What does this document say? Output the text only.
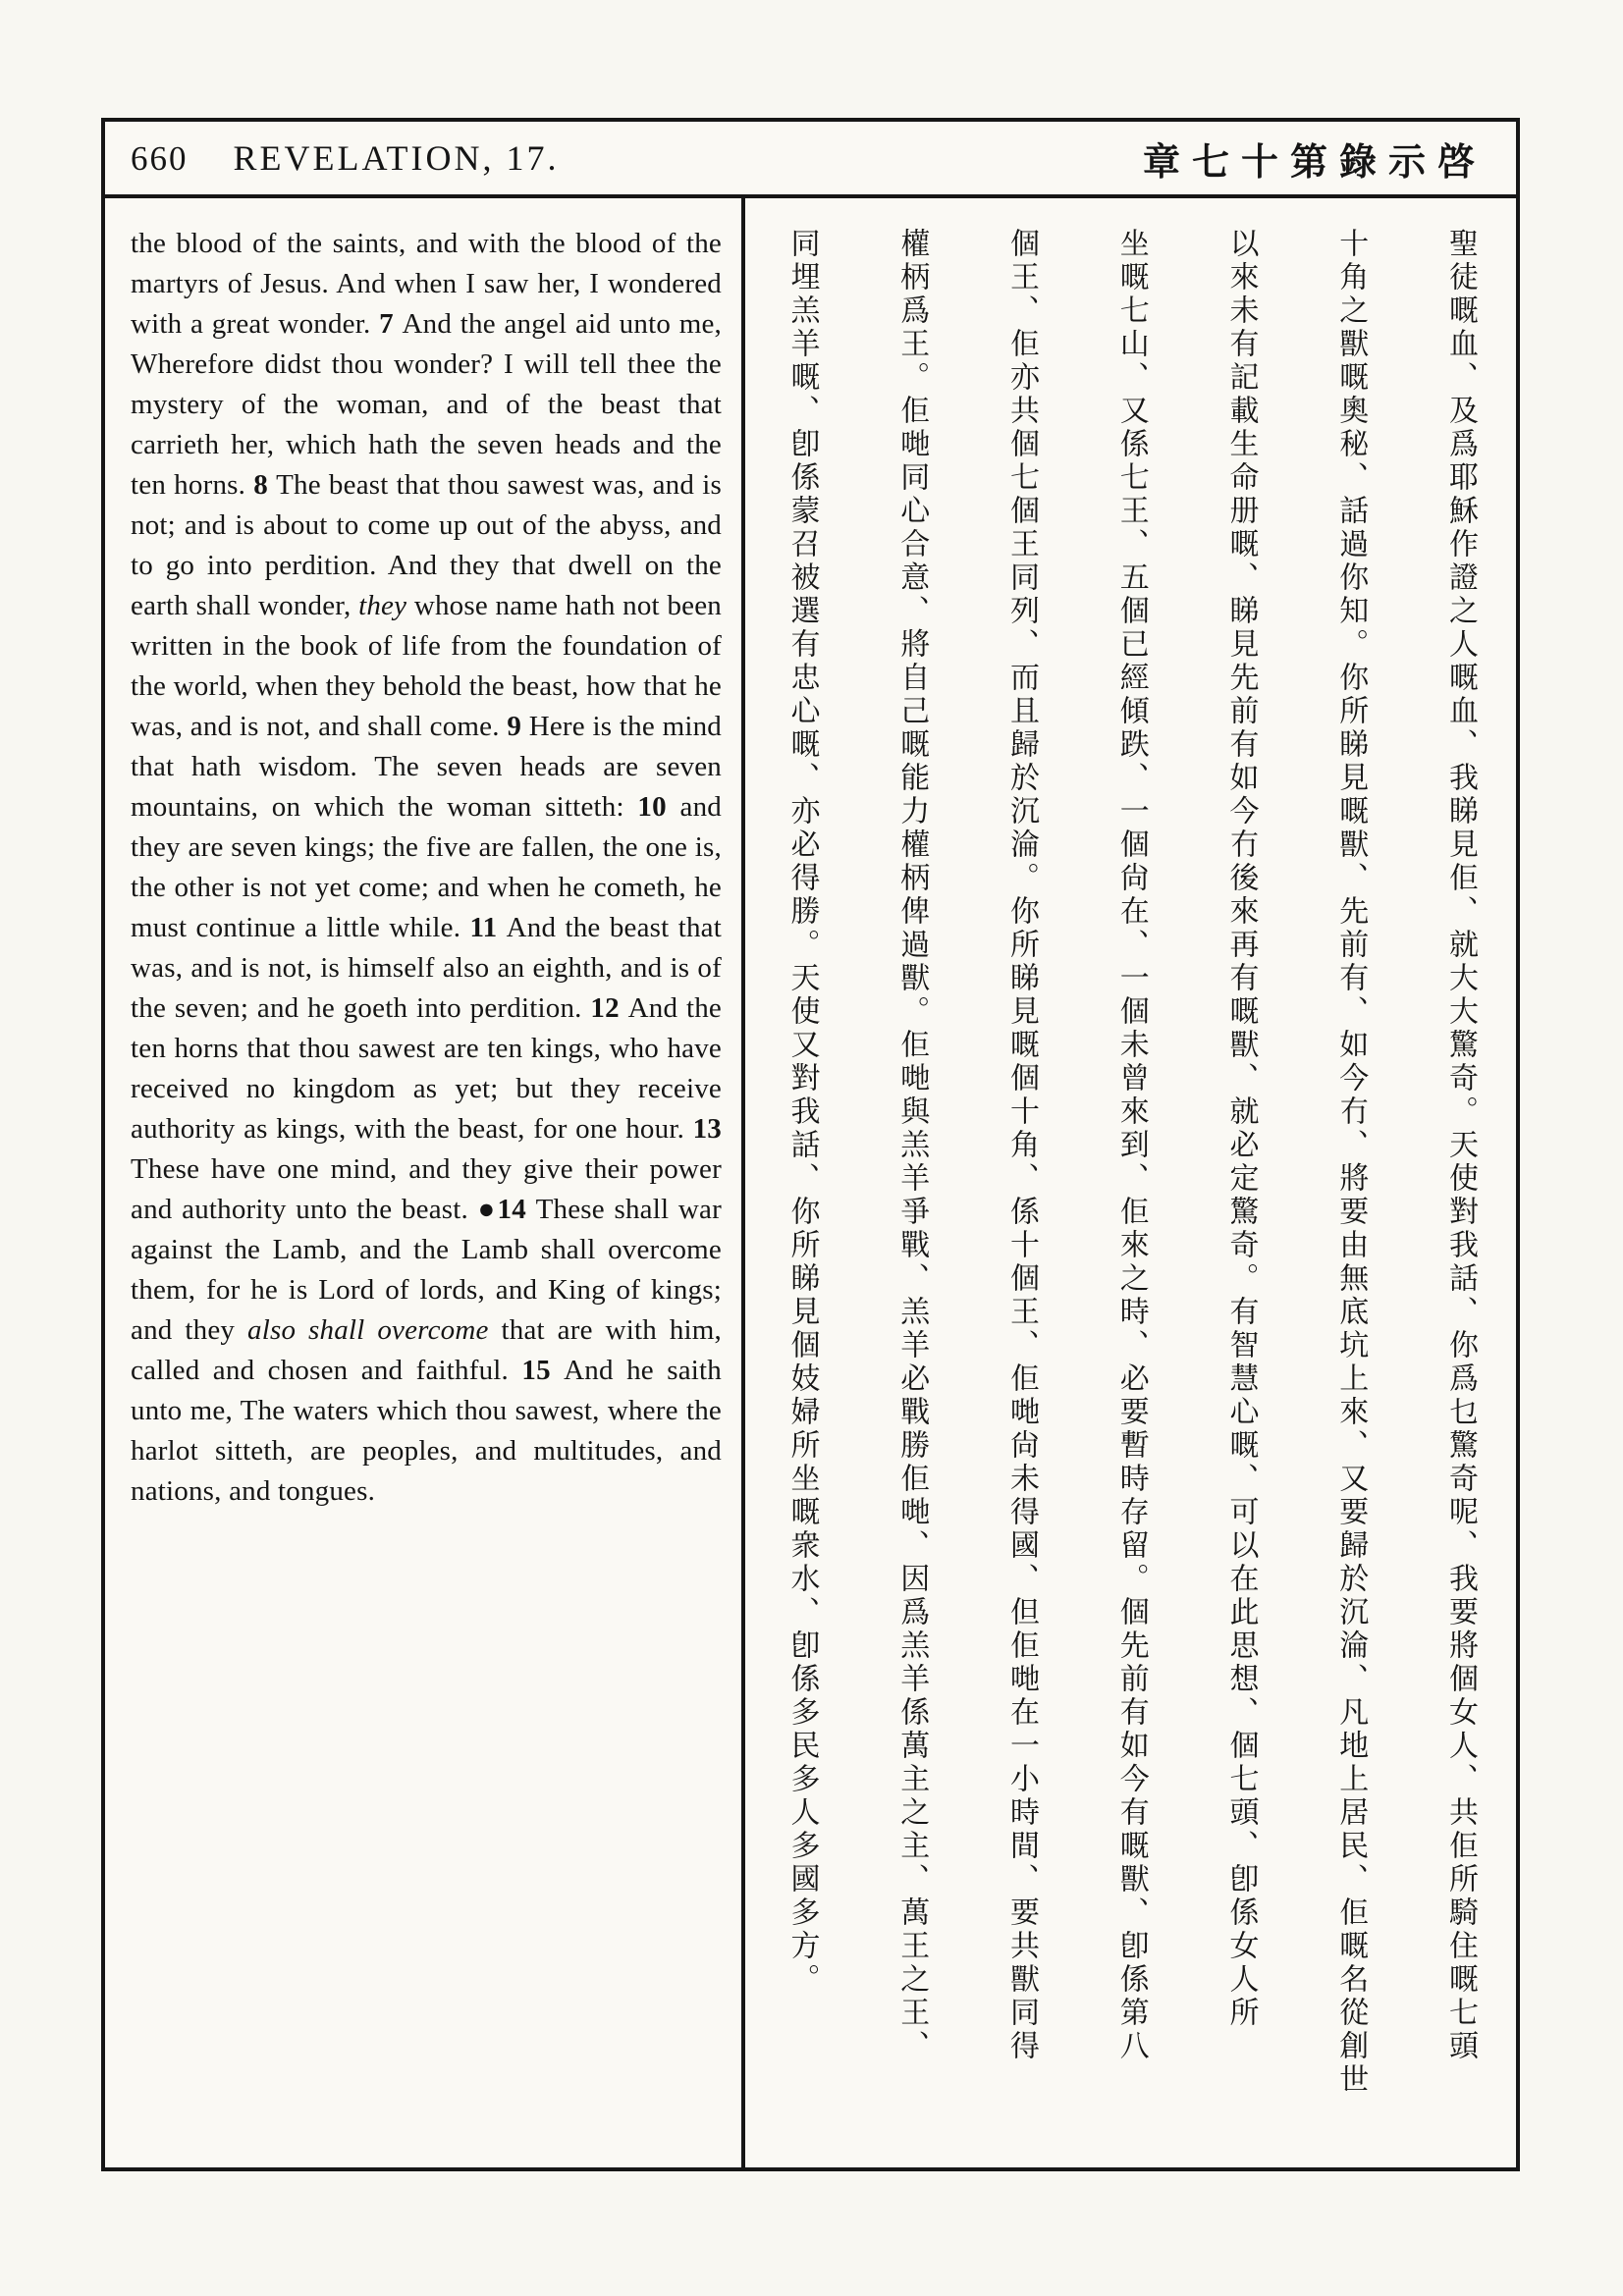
660 REVELATION, 17.	章七十第錄示啓
the blood of the saints, and with the blood of the martyrs of Jesus. And when I saw her, I wondered with a great wonder. 7 And the angel aid unto me, Wherefore didst thou wonder? I will tell thee the mystery of the woman, and of the beast that carrieth her, which hath the seven heads and the ten horns. 8 The beast that thou sawest was, and is not; and is about to come up out of the abyss, and to go into perdition. And they that dwell on the earth shall wonder, they whose name hath not been written in the book of life from the foundation of the world, when they behold the beast, how that he was, and is not, and shall come. 9 Here is the mind that hath wisdom. The seven heads are seven mountains, on which the woman sitteth: 10 and they are seven kings; the five are fallen, the one is, the other is not yet come; and when he cometh, he must continue a little while. 11 And the beast that was, and is not, is himself also an eighth, and is of the seven; and he goeth into perdition. 12 And the ten horns that thou sawest are ten kings, who have received no kingdom as yet; but they receive authority as kings, with the beast, for one hour. 13 These have one mind, and they give their power and authority unto the beast. ●14 These shall war against the Lamb, and the Lamb shall overcome them, for he is Lord of lords, and King of kings; and they also shall overcome that are with him, called and chosen and faithful. 15 And he saith unto me, The waters which thou sawest, where the harlot sitteth, are peoples, and multitudes, and nations, and tongues.	聖徒嘅血、及爲耶穌作證之人嘅血、我睇見佢、就大大驚奇。天使對我話、你爲乜驚奇呢、我要將個女人、共佢所騎住嘅七頭
十角之獸嘅奧秘、話過你知。你所睇見嘅獸、先前有、如今冇、將要由無底坑上來、又要歸於沉淪、凡地上居民、佢嘅名從創世
以來未有記載生命册嘅、睇見先前有如今冇後來再有嘅獸、就必定驚奇。有智慧心嘅、可以在此思想、個七頭、卽係女人所
坐嘅七山、又係七王、五個已經傾跌、一個尙在、一個未曾來到、佢來之時、必要暫時存留。個先前有如今有嘅獸、卽係第八
個王、佢亦共個七個王同列、而且歸於沉淪。你所睇見嘅個十角、係十個王、佢哋尙未得國、但佢哋在一小時間、要共獸同得
權柄爲王。佢哋同心合意、將自己嘅能力權柄俾過獸。佢哋與羔羊爭戰、羔羊必戰勝佢哋、因爲羔羊係萬主之主、萬王之王、
同埋羔羊嘅、卽係蒙召被選有忠心嘅、亦必得勝。天使又對我話、你所睇見個妓婦所坐嘅衆水、卽係多民多人多國多方。
